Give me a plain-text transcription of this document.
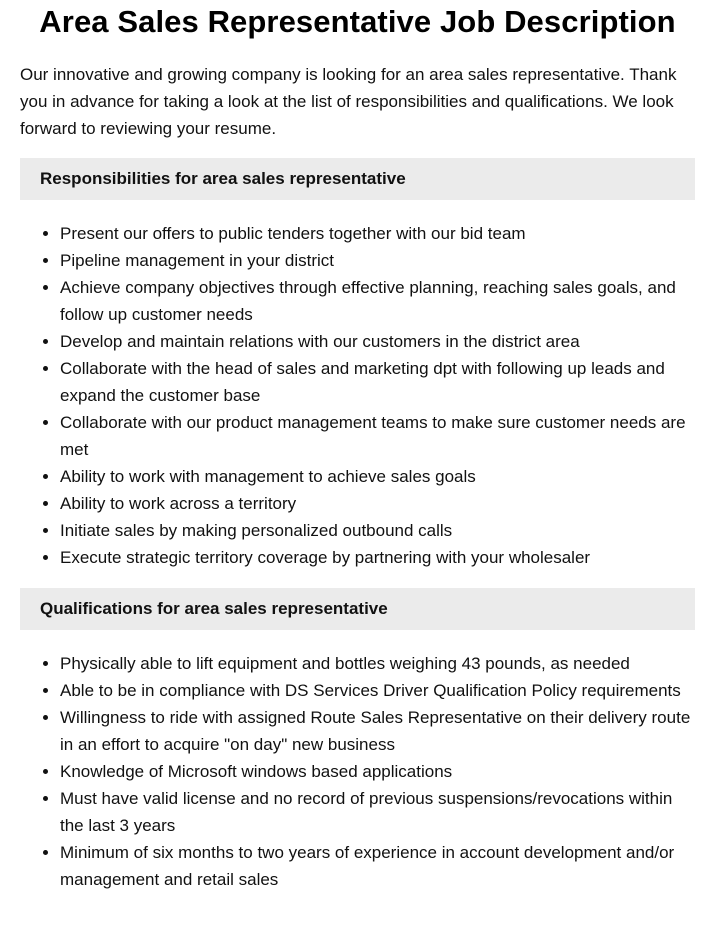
Area Sales Representative Job Description

Our innovative and growing company is looking for an area sales representative. Thank you in advance for taking a look at the list of responsibilities and qualifications. We look forward to reviewing your resume.

Responsibilities for area sales representative
• Present our offers to public tenders together with our bid team
• Pipeline management in your district
• Achieve company objectives through effective planning, reaching sales goals, and follow up customer needs
• Develop and maintain relations with our customers in the district area
• Collaborate with the head of sales and marketing dpt with following up leads and expand the customer base
• Collaborate with our product management teams to make sure customer needs are met
• Ability to work with management to achieve sales goals
• Ability to work across a territory
• Initiate sales by making personalized outbound calls
• Execute strategic territory coverage by partnering with your wholesaler
Qualifications for area sales representative
• Physically able to lift equipment and bottles weighing 43 pounds, as needed
• Able to be in compliance with DS Services Driver Qualification Policy requirements
• Willingness to ride with assigned Route Sales Representative on their delivery route in an effort to acquire "on day" new business
• Knowledge of Microsoft windows based applications
• Must have valid license and no record of previous suspensions/revocations within the last 3 years
• Minimum of six months to two years of experience in account development and/or management and retail sales
